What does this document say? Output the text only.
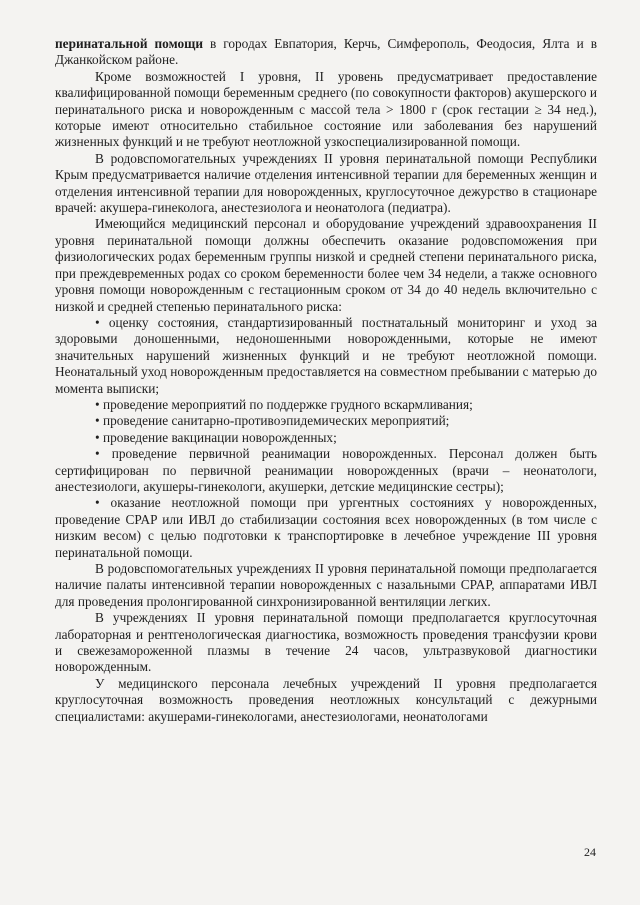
перинатальной помощи в городах Евпатория, Керчь, Симферополь, Феодосия, Ялта и в Джанкойском районе.

Кроме возможностей I уровня, II уровень предусматривает предоставление квалифицированной помощи беременным среднего (по совокупности факторов) акушерского и перинатального риска и новорожденным с массой тела > 1800 г (срок гестации ≥ 34 нед.), которые имеют относительно стабильное состояние или заболевания без нарушений жизненных функций и не требуют неотложной узкоспециализированной помощи.

В родовспомогательных учреждениях II уровня перинатальной помощи Республики Крым предусматривается наличие отделения интенсивной терапии для беременных женщин и отделения интенсивной терапии для новорожденных, круглосуточное дежурство в стационаре врачей: акушера-гинеколога, анестезиолога и неонатолога (педиатра).

Имеющийся медицинский персонал и оборудование учреждений здравоохранения II уровня перинатальной помощи должны обеспечить оказание родовспоможения при физиологических родах беременным группы низкой и средней степени перинатального риска, при преждевременных родах со сроком беременности более чем 34 недели, а также основного уровня помощи новорожденным с гестационным сроком от 34 до 40 недель включительно с низкой и средней степенью перинатального риска:

• оценку состояния, стандартизированный постнатальный мониторинг и уход за здоровыми доношенными, недоношенными новорожденными, которые не имеют значительных нарушений жизненных функций и не требуют неотложной помощи. Неонатальный уход новорожденным предоставляется на совместном пребывании с матерью до момента выписки;

• проведение мероприятий по поддержке грудного вскармливания;

• проведение санитарно-противоэпидемических мероприятий;

• проведение вакцинации новорожденных;

• проведение первичной реанимации новорожденных. Персонал должен быть сертифицирован по первичной реанимации новорожденных (врачи – неонатологи, анестезиологи, акушеры-гинекологи, акушерки, детские медицинские сестры);

• оказание неотложной помощи при ургентных состояниях у новорожденных, проведение CPAP или ИВЛ до стабилизации состояния всех новорожденных (в том числе с низким весом) с целью подготовки к транспортировке в лечебное учреждение III уровня перинатальной помощи.

В родовспомогательных учреждениях II уровня перинатальной помощи предполагается наличие палаты интенсивной терапии новорожденных с назальными CPAP, аппаратами ИВЛ для проведения пролонгированной синхронизированной вентиляции легких.

В учреждениях II уровня перинатальной помощи предполагается круглосуточная лабораторная и рентгенологическая диагностика, возможность проведения трансфузии крови и свежезамороженной плазмы в течение 24 часов, ультразвуковой диагностики новорожденным.

У медицинского персонала лечебных учреждений II уровня предполагается круглосуточная возможность проведения неотложных консультаций с дежурными специалистами: акушерами-гинекологами, анестезиологами, неонатологами

24
